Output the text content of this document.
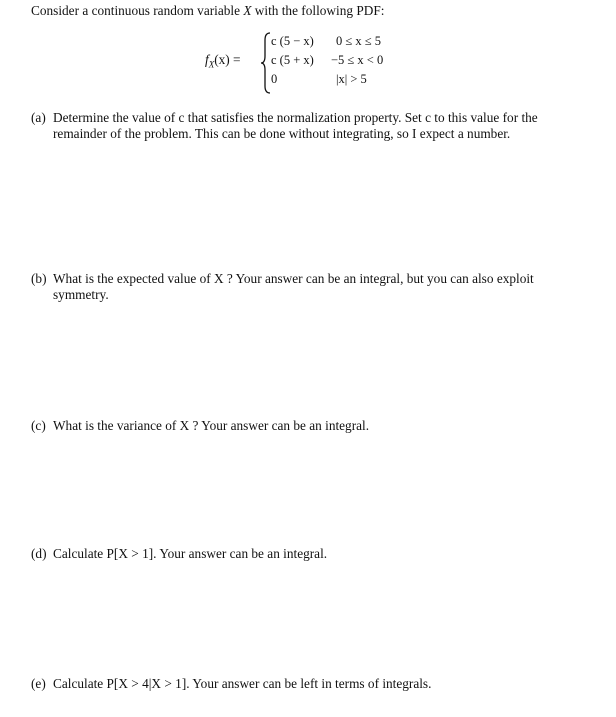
Consider a continuous random variable X with the following PDF:
$f_X(x)$ =
c (5 − x) 0 ≤ x ≤ 5
c (5 + x) −5 ≤ x < 0
0	|x| > 5
(a) Determine the value of c that satisfies the normalization property. Set c to this value for the remainder of the problem. This can be done without integrating, so I expect a number.
(b) What is the expected value of X ? Your answer can be an integral, but you can also exploit symmetry.
(c) What is the variance of X ? Your answer can be an integral.
(d) Calculate P[X > 1]. Your answer can be an integral.
(e) Calculate P[X > 4|X > 1]. Your answer can be left in terms of integrals.
